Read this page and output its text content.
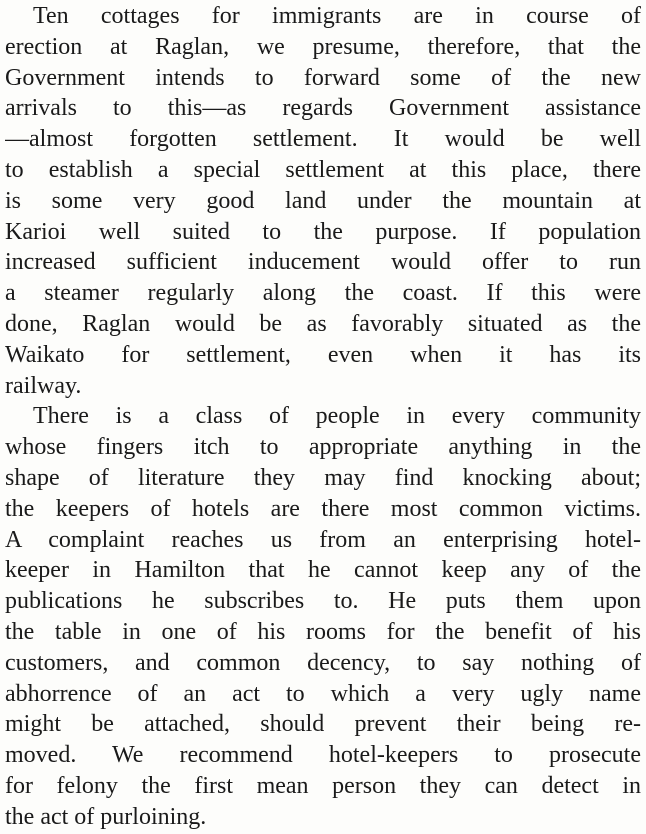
Ten cottages for immigrants are in course of
erection at Raglan, we presume, therefore, that the
Government intends to forward some of the new
arrivals to this—as regards Government assistance
—almost forgotten settlement. It would be well
to establish a special settlement at this place, there
is some very good land under the mountain at
Karioi well suited to the purpose. If population
increased sufficient inducement would offer to run
a steamer regularly along the coast. If this were
done, Raglan would be as favorably situated as the
Waikato for settlement, even when it has its
railway.
There is a class of people in every community
whose fingers itch to appropriate anything in the
shape of literature they may find knocking about;
the keepers of hotels are there most common victims.
A complaint reaches us from an enterprising hotel-
keeper in Hamilton that he cannot keep any of the
publications he subscribes to. He puts them upon
the table in one of his rooms for the benefit of his
customers, and common decency, to say nothing of
abhorrence of an act to which a very ugly name
might be attached, should prevent their being re-
moved. We recommend hotel-keepers to prosecute
for felony the first mean person they can detect in
the act of purloining.
